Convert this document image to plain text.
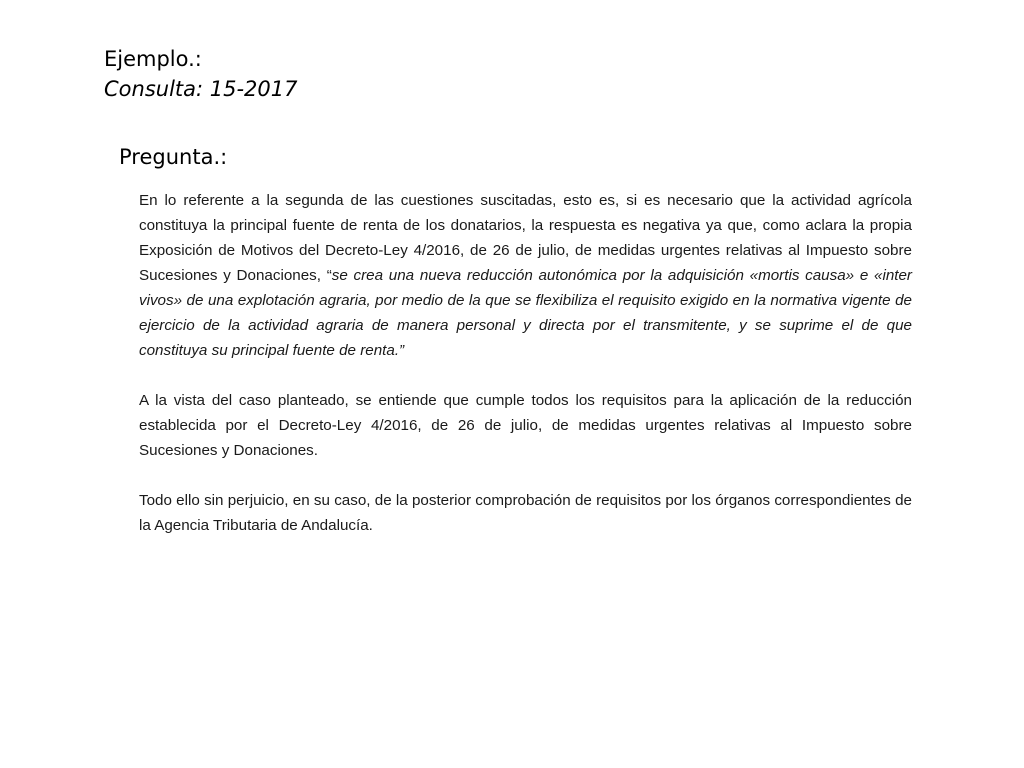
Ejemplo.:
Consulta: 15-2017
Pregunta.:

En lo referente a la segunda de las cuestiones suscitadas, esto es, si es necesario que la actividad agrícola constituya la principal fuente de renta de los donatarios, la respuesta es negativa ya que, como aclara la propia Exposición de Motivos del Decreto-Ley 4/2016, de 26 de julio, de medidas urgentes relativas al Impuesto sobre Sucesiones y Donaciones, “se crea una nueva reducción autonómica por la adquisición «mortis causa» e «inter vivos» de una explotación agraria, por medio de la que se flexibiliza el requisito exigido en la normativa vigente de ejercicio de la actividad agraria de manera personal y directa por el transmitente, y se suprime el de que constituya su principal fuente de renta.”

A la vista del caso planteado, se entiende que cumple todos los requisitos para la aplicación de la reducción establecida por el Decreto-Ley 4/2016, de 26 de julio, de medidas urgentes relativas al Impuesto sobre Sucesiones y Donaciones.

Todo ello sin perjuicio, en su caso, de la posterior comprobación de requisitos por los órganos correspondientes de la Agencia Tributaria de Andalucía.
